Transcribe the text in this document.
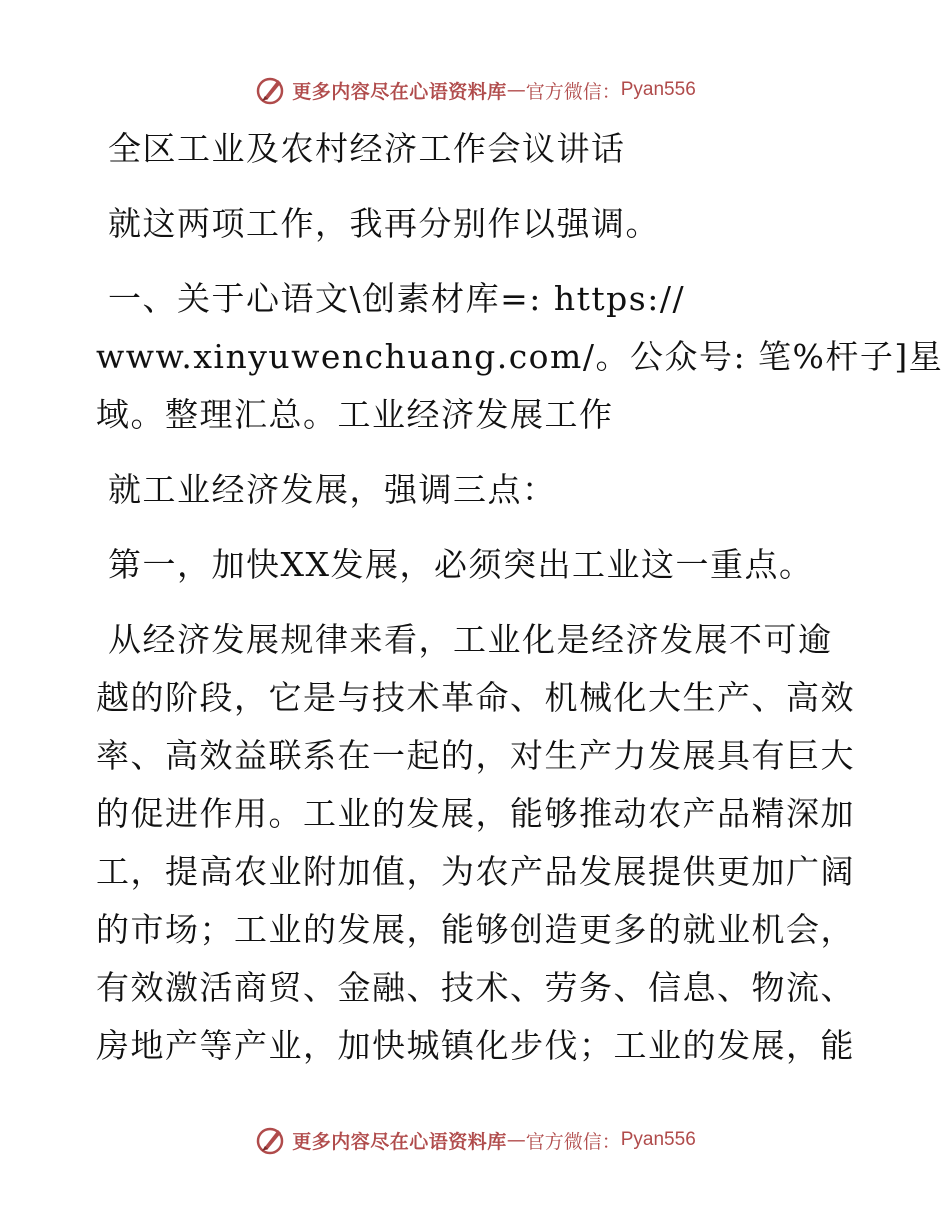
更多内容尽在心语资料库 — 官方微信： Pyan556

全区工业及农村经济工作会议讲话

就这两项工作，我再分别作以强调。

一、关于心语文\创素材库=: https://

www.xinyuwenchuang.com/。公众号: 笔%杆子]星

域。整理汇总。工业经济发展工作

就工业经济发展，强调三点：

第一，加快XX发展，必须突出工业这一重点。

从经济发展规律来看，工业化是经济发展不可逾

越的阶段，它是与技术革命、机械化大生产、高效

率、高效益联系在一起的，对生产力发展具有巨大

的促进作用。工业的发展，能够推动农产品精深加

工，提高农业附加值，为农产品发展提供更加广阔

的市场；工业的发展，能够创造更多的就业机会，

有效激活商贸、金融、技术、劳务、信息、物流、

房地产等产业，加快城镇化步伐；工业的发展，能

更多内容尽在心语资料库 — 官方微信： Pyan556
